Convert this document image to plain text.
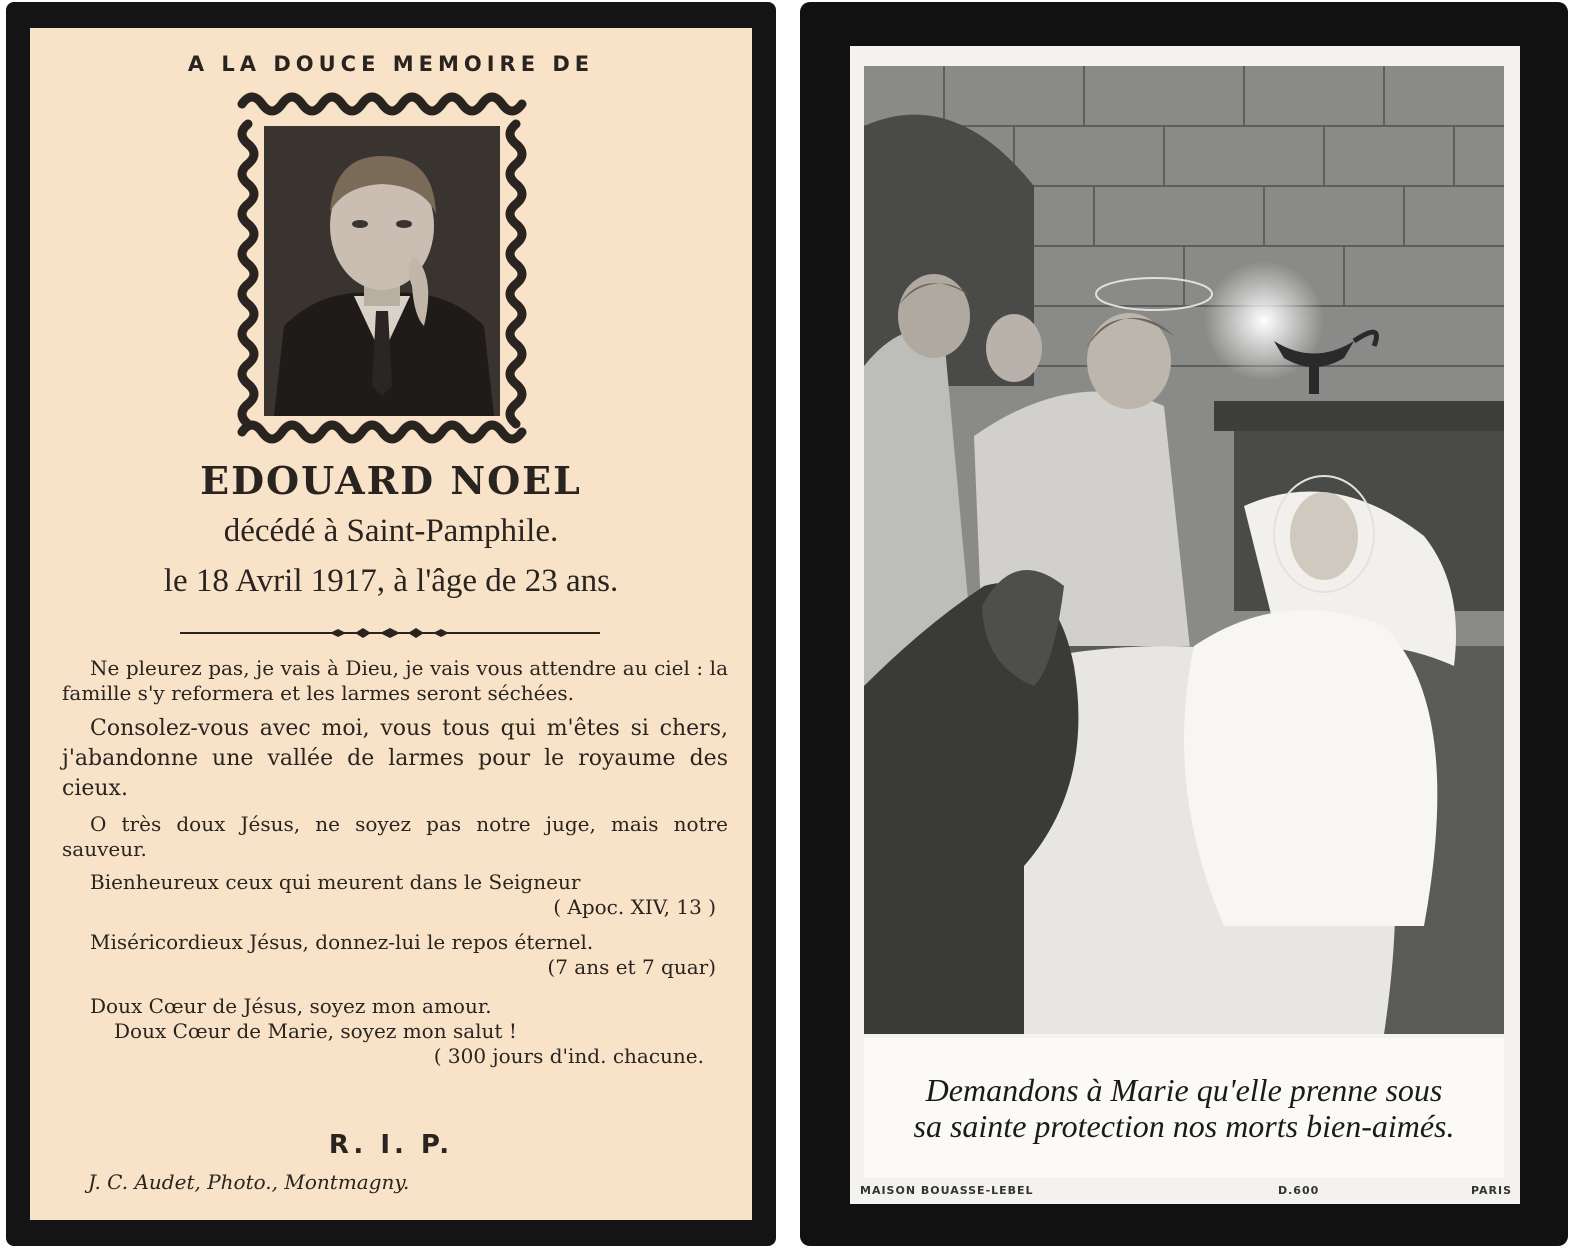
A LA DOUCE MEMOIRE DE
EDOUARD NOEL
décédé à Saint-Pamphile.
le 18 Avril 1917, à l'âge de 23 ans.

Ne pleurez pas, je vais à Dieu, je vais vous attendre au ciel : la famille s'y reformera et les larmes seront séchées.

Consolez-vous avec moi, vous tous qui m'êtes si chers, j'abandonne une vallée de larmes pour le royaume des cieux.

O très doux Jésus, ne soyez pas notre juge, mais notre sauveur.

Bienheureux ceux qui meurent dans le Seigneur

( Apoc. XIV, 13 )

Miséricordieux Jésus, donnez-lui le repos éternel.

(7 ans et 7 quar)

Doux Cœur de Jésus, soyez mon amour.

Doux Cœur de Marie, soyez mon salut !

( 300 jours d'ind. chacune.

R. I. P.
J. C. Audet, Photo., Montmagny.
Demandons à Marie qu'elle prenne sous
sa sainte protection nos morts bien-aimés.
MAISON BOUASSE-LEBEL	D.600	PARIS
